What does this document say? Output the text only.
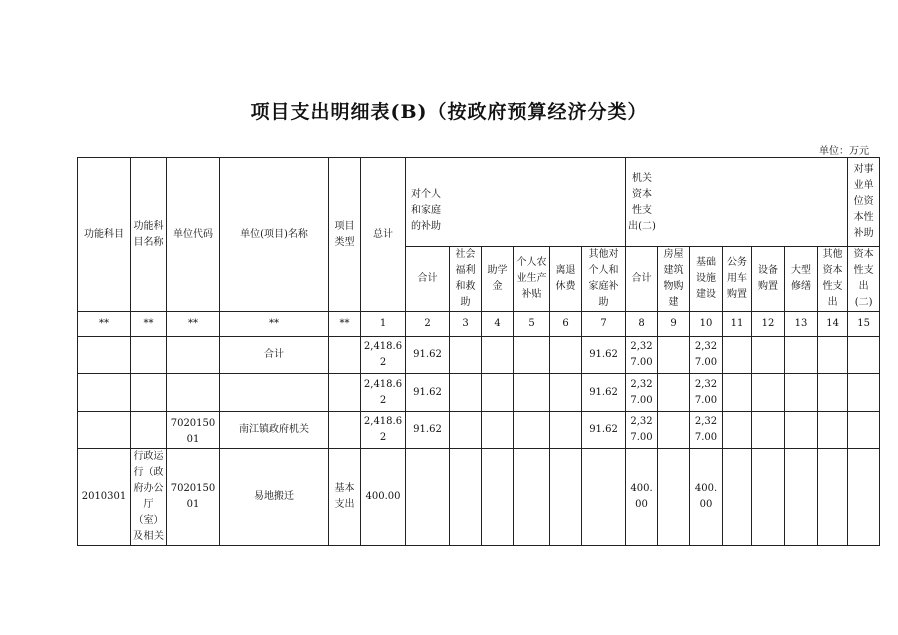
项目支出明细表(B)（按政府预算经济分类）
单位：万元
功能科目	功能科目名称	单位代码	单位(项目)名称	项目类型	总计	对个人和家庭的补助						机关资本性支出(二)							对事业单位资本性补助
						合计	社会福利和救助	助学金	个人农业生产补贴	离退休费	其他对个人和家庭补助	合计	房屋建筑物购建	基础设施建设	公务用车购置	设备购置	大型修缮	其他资本性支出	资本性支出(二)
**	**	**	**	**	1	2	3	4	5	6	7	8	9	10	11	12	13	14	15
			合计		2,418.62	91.62					91.62	2,327.00		2,327.00					
					2,418.62	91.62					91.62	2,327.00		2,327.00					
		702015001	南江镇政府机关		2,418.62	91.62					91.62	2,327.00		2,327.00					
2010301	行政运行（政府办公厅（室）及相关	702015001	易地搬迁	基本支出	400.00							400.00		400.00					
